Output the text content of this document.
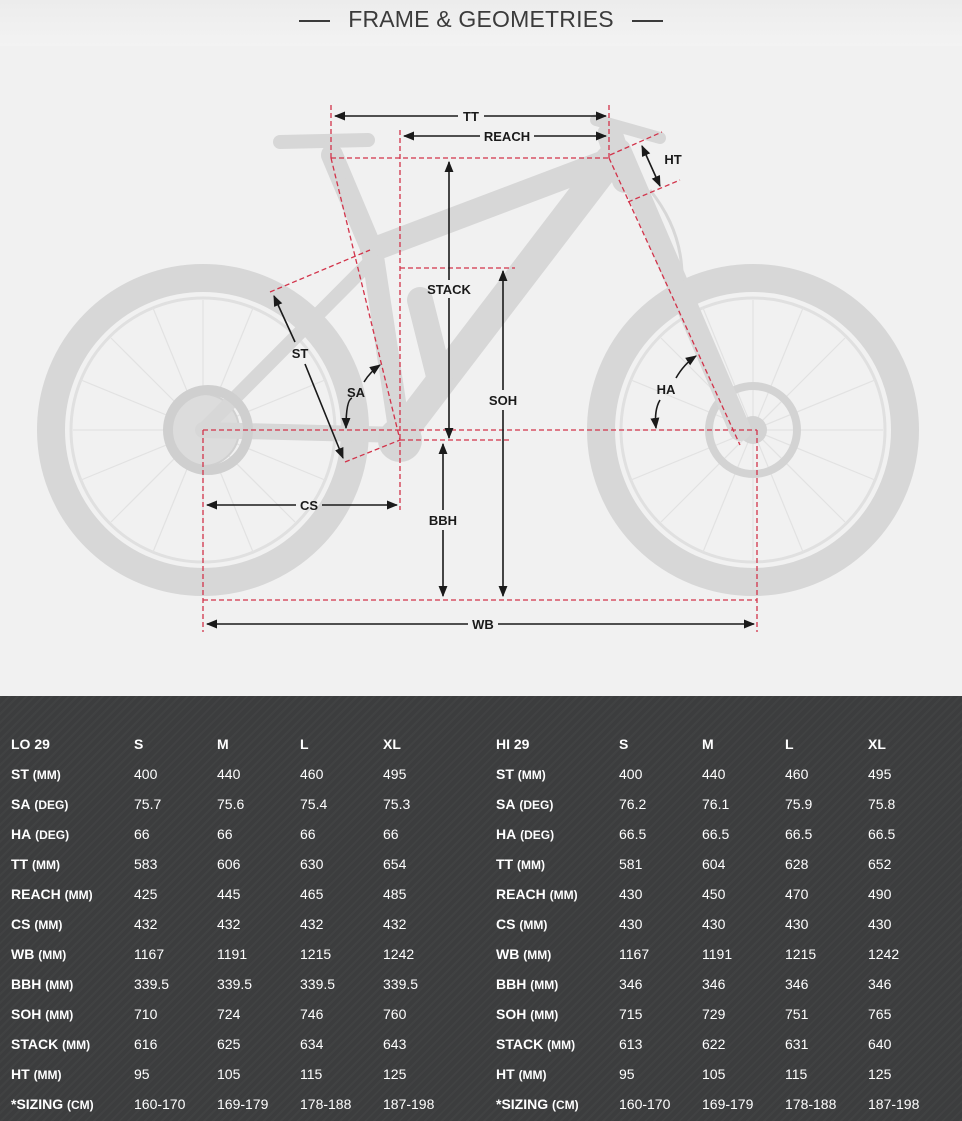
FRAME & GEOMETRIES
TT
REACH
HT
STACK
ST
SA
SOH
HA
CS
BBH
WB
LO 29	S	M	L	XL
ST (MM)	400	440	460	495
SA (DEG)	75.7	75.6	75.4	75.3
HA (DEG)	66	66	66	66
TT (MM)	583	606	630	654
REACH (MM)	425	445	465	485
CS (MM)	432	432	432	432
WB (MM)	1167	1191	1215	1242
BBH (MM)	339.5	339.5	339.5	339.5
SOH (MM)	710	724	746	760
STACK (MM)	616	625	634	643
HT (MM)	95	105	115	125
*SIZING (CM)	160-170	169-179	178-188	187-198
HI 29	S	M	L	XL
ST (MM)	400	440	460	495
SA (DEG)	76.2	76.1	75.9	75.8
HA (DEG)	66.5	66.5	66.5	66.5
TT (MM)	581	604	628	652
REACH (MM)	430	450	470	490
CS (MM)	430	430	430	430
WB (MM)	1167	1191	1215	1242
BBH (MM)	346	346	346	346
SOH (MM)	715	729	751	765
STACK (MM)	613	622	631	640
HT (MM)	95	105	115	125
*SIZING (CM)	160-170	169-179	178-188	187-198
